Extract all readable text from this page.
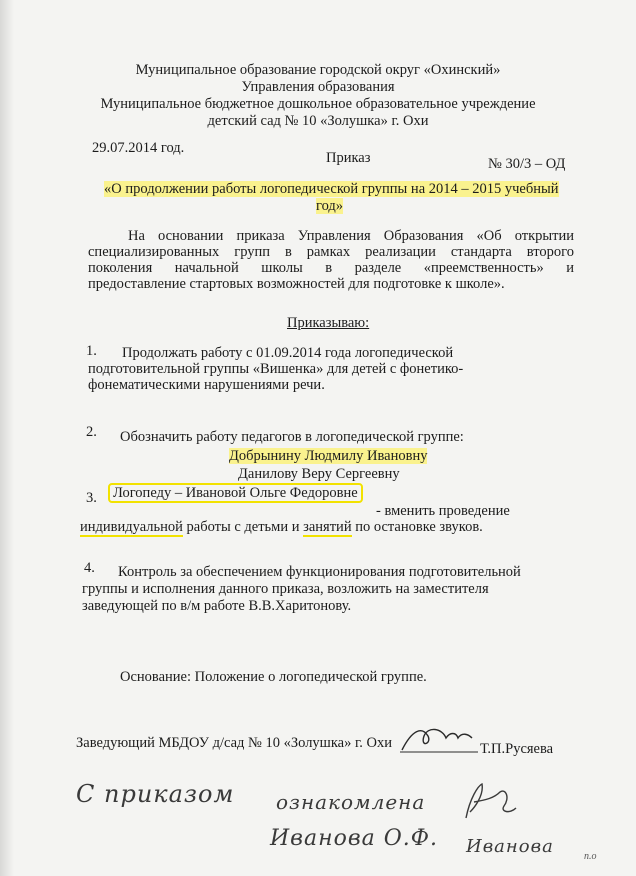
Муниципальное образование городской округ «Охинский»
Управления образования
Муниципальное бюджетное дошкольное образовательное учреждение
детский сад № 10 «Золушка» г. Охи
29.07.2014 год.
Приказ	№ 30/3 – ОД
«О продолжении работы логопедической группы на 2014 – 2015 учебный
год»
На основании приказа Управления Образования «Об открытии
специализированных групп в рамках реализации стандарта второго
поколения начальной школы в разделе «преемственность» и
предоставление стартовых возможностей для подготовке к школе».
Приказываю:
1. Продолжать работу с 01.09.2014 года логопедической
подготовительной группы «Вишенка» для детей с фонетико-
фонематическими нарушениями речи.
2. Обозначить работу педагогов в логопедической группе:
Добрынину Людмилу Ивановну
Данилову Веру Сергеевну
3.	Логопеду – Ивановой Ольге Федоровне
- вменить проведение
индивидуальной работы с детьми и занятий по остановке звуков.
4. Контроль за обеспечением функционирования подготовительной
группы и исполнения данного приказа, возложить на заместителя
заведующей по в/м работе В.В.Харитонову.
Основание: Положение о логопедической группе.
Заведующий МБДОУ д/сад № 10 «Золушка» г. Охи	Т.П.Русяева
С приказом ознакомлена
Иванова О.Ф. Иванова	п.о
